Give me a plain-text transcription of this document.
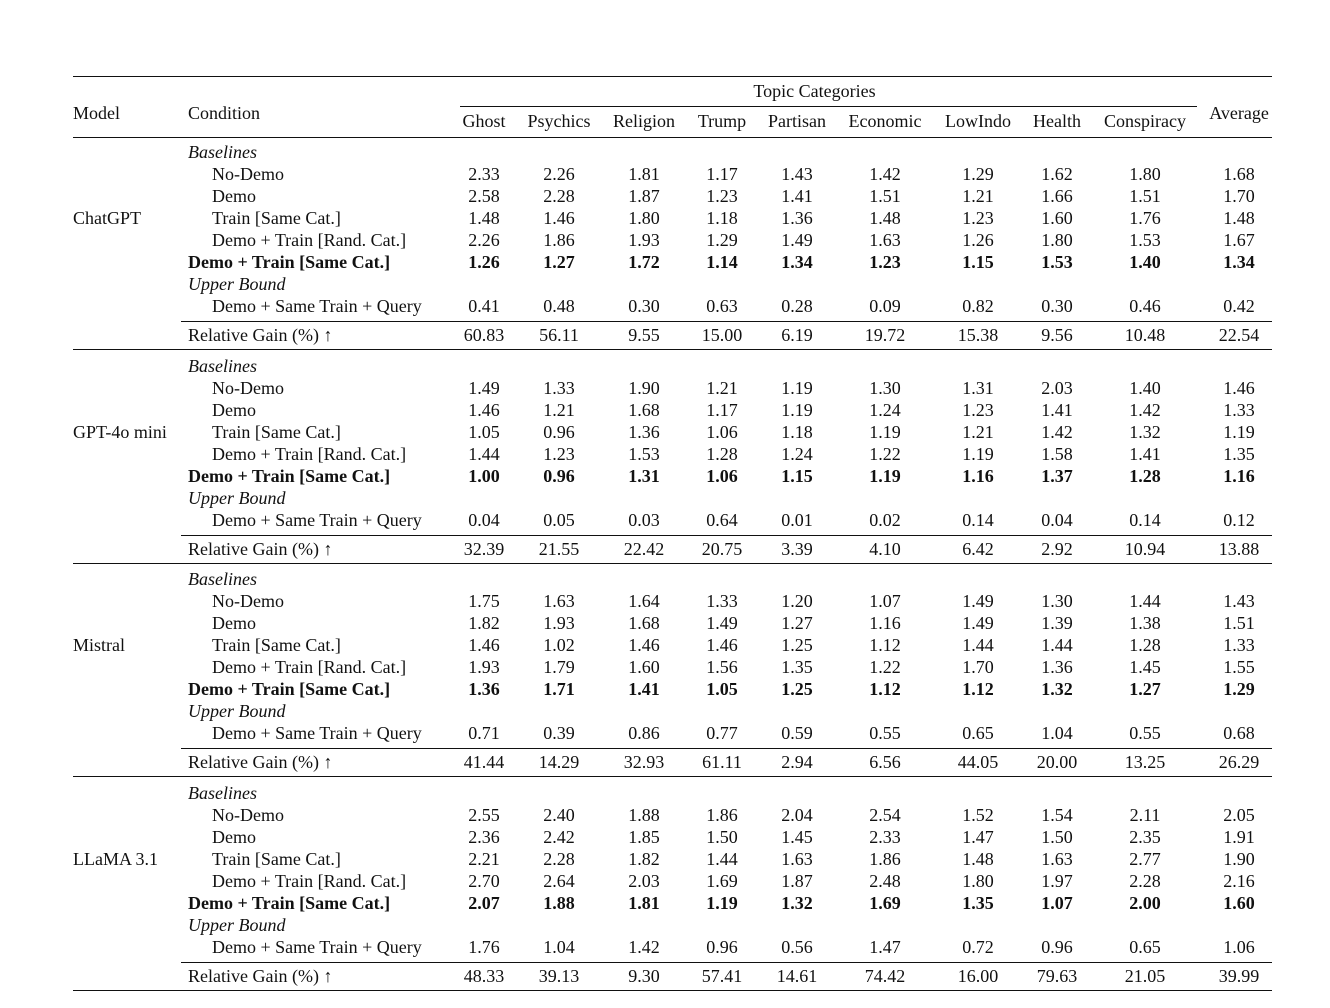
Model	Condition
Topic Categories
Ghost Psychics Religion Trump Partisan Economic LowIndo Health Conspiracy Average
ChatGPT
Baselines
No-Demo	2.33 2.26	1.81	1.17 1.43	1.42	1.29	1.62	1.80	1.68
Demo	2.58 2.28	1.87	1.23 1.41	1.51	1.21	1.66	1.51	1.70
Train [Same Cat.]	1.48 1.46	1.80	1.18 1.36	1.48	1.23	1.60	1.76	1.48
Demo + Train [Rand. Cat.]	2.26 1.86	1.93	1.29 1.49	1.63	1.26	1.80	1.53	1.67
Demo + Train [Same Cat.]	1.26 1.27	1.72	1.14 1.34	1.23	1.15	1.53	1.40	1.34
Upper Bound
Demo + Same Train + Query	0.41 0.48	0.30	0.63 0.28	0.09	0.82	0.30	0.46	0.42
Relative Gain (%) ↑	60.83 56.11	9.55 15.00 6.19	19.72	15.38 9.56	10.48	22.54
GPT-4o mini
Baselines
No-Demo	1.49 1.33	1.90	1.21 1.19	1.30	1.31	2.03	1.40	1.46
Demo	1.46 1.21	1.68	1.17 1.19	1.24	1.23	1.41	1.42	1.33
Train [Same Cat.]	1.05 0.96	1.36	1.06 1.18	1.19	1.21	1.42	1.32	1.19
Demo + Train [Rand. Cat.]	1.44 1.23	1.53	1.28 1.24	1.22	1.19	1.58	1.41	1.35
Demo + Train [Same Cat.]	1.00 0.96	1.31	1.06 1.15	1.19	1.16	1.37	1.28	1.16
Upper Bound
Demo + Same Train + Query	0.04 0.05	0.03	0.64 0.01	0.02	0.14	0.04	0.14	0.12
Relative Gain (%) ↑	32.39 21.55 22.42 20.75 3.39	4.10	6.42	2.92	10.94	13.88
Mistral
Baselines
No-Demo	1.75 1.63	1.64	1.33 1.20	1.07	1.49	1.30	1.44	1.43
Demo	1.82 1.93	1.68	1.49 1.27	1.16	1.49	1.39	1.38	1.51
Train [Same Cat.]	1.46 1.02	1.46	1.46 1.25	1.12	1.44	1.44	1.28	1.33
Demo + Train [Rand. Cat.]	1.93 1.79	1.60	1.56 1.35	1.22	1.70	1.36	1.45	1.55
Demo + Train [Same Cat.]	1.36 1.71	1.41	1.05 1.25	1.12	1.12	1.32	1.27	1.29
Upper Bound
Demo + Same Train + Query	0.71 0.39	0.86	0.77 0.59	0.55	0.65	1.04	0.55	0.68
Relative Gain (%) ↑	41.44 14.29 32.93 61.11 2.94	6.56	44.05 20.00	13.25	26.29
LLaMA 3.1
Baselines
No-Demo	2.55 2.40	1.88	1.86 2.04	2.54	1.52	1.54	2.11	2.05
Demo	2.36 2.42	1.85	1.50 1.45	2.33	1.47	1.50	2.35	1.91
Train [Same Cat.]	2.21 2.28	1.82	1.44 1.63	1.86	1.48	1.63	2.77	1.90
Demo + Train [Rand. Cat.]	2.70 2.64	2.03	1.69 1.87	2.48	1.80	1.97	2.28	2.16
Demo + Train [Same Cat.]	2.07 1.88	1.81	1.19 1.32	1.69	1.35	1.07	2.00	1.60
Upper Bound
Demo + Same Train + Query	1.76 1.04	1.42	0.96 0.56	1.47	0.72	0.96	0.65	1.06
Relative Gain (%) ↑	48.33 39.13	9.30 57.41 14.61	74.42	16.00 79.63	21.05	39.99
